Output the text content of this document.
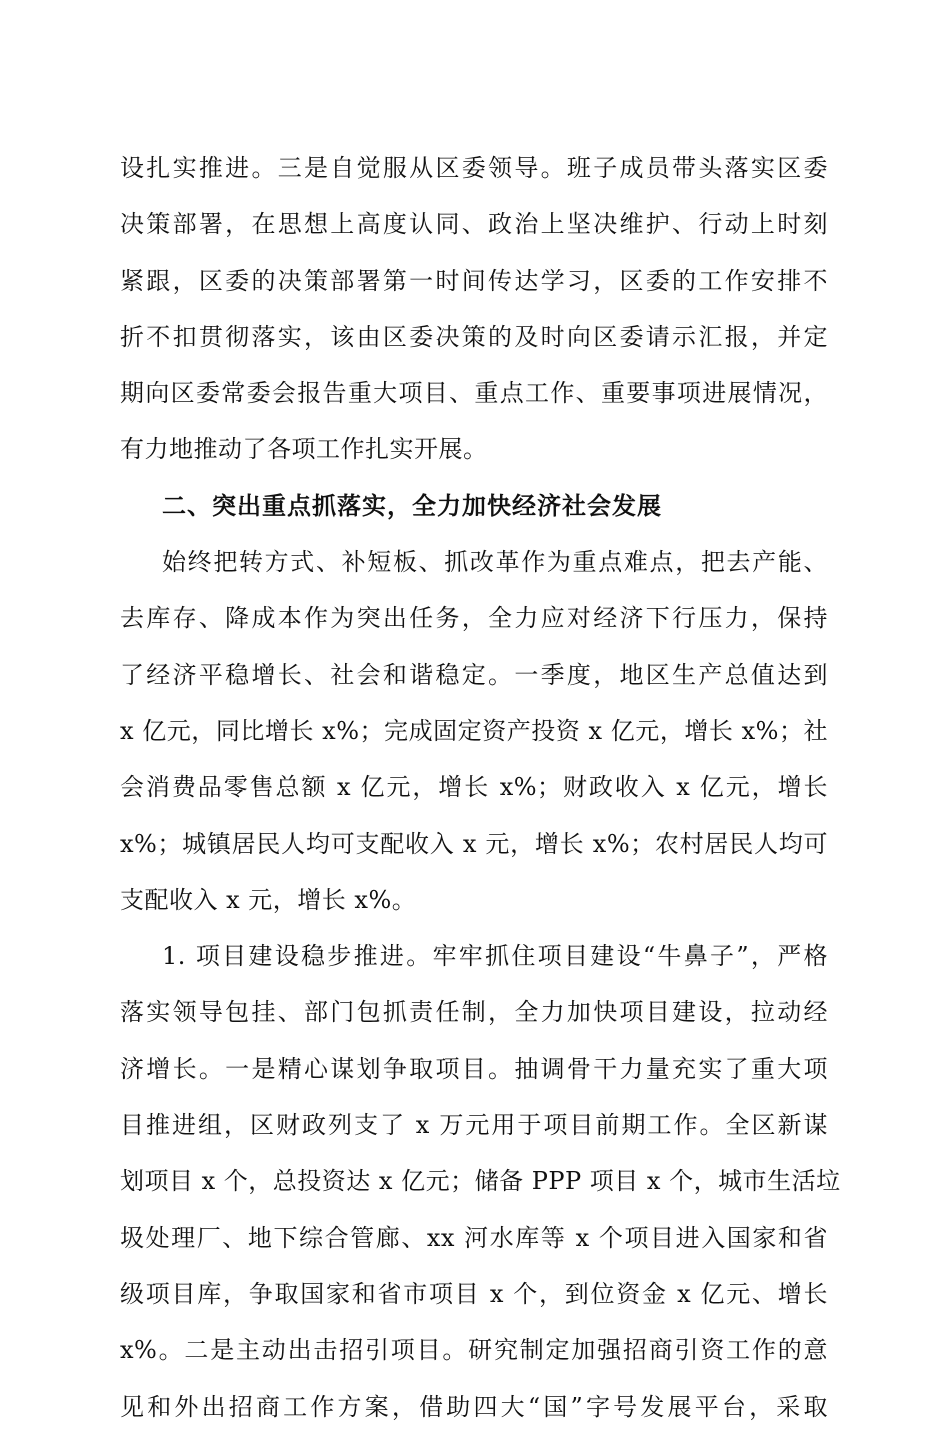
设扎实推进。三是自觉服从区委领导。班子成员带头落实区委
决策部署，在思想上高度认同、政治上坚决维护、行动上时刻
紧跟，区委的决策部署第一时间传达学习，区委的工作安排不
折不扣贯彻落实，该由区委决策的及时向区委请示汇报，并定
期向区委常委会报告重大项目、重点工作、重要事项进展情况，
有力地推动了各项工作扎实开展。
二、突出重点抓落实，全力加快经济社会发展
始终把转方式、补短板、抓改革作为重点难点，把去产能、
去库存、降成本作为突出任务，全力应对经济下行压力，保持
了经济平稳增长、社会和谐稳定。一季度，地区生产总值达到
x 亿元，同比增长 x%；完成固定资产投资 x 亿元，增长 x%；社
会消费品零售总额 x 亿元，增长 x%；财政收入 x 亿元，增长
x%；城镇居民人均可支配收入 x 元，增长 x%；农村居民人均可
支配收入 x 元，增长 x%。
1. 项目建设稳步推进。牢牢抓住项目建设“牛鼻子”，严格
落实领导包挂、部门包抓责任制，全力加快项目建设，拉动经
济增长。一是精心谋划争取项目。抽调骨干力量充实了重大项
目推进组，区财政列支了 x 万元用于项目前期工作。全区新谋
划项目 x 个，总投资达 x 亿元；储备 PPP 项目 x 个，城市生活垃
圾处理厂、地下综合管廊、xx 河水库等 x 个项目进入国家和省
级项目库，争取国家和省市项目 x 个，到位资金 x 亿元、增长
x%。二是主动出击招引项目。研究制定加强招商引资工作的意
见和外出招商工作方案，借助四大“国”字号发展平台，采取
